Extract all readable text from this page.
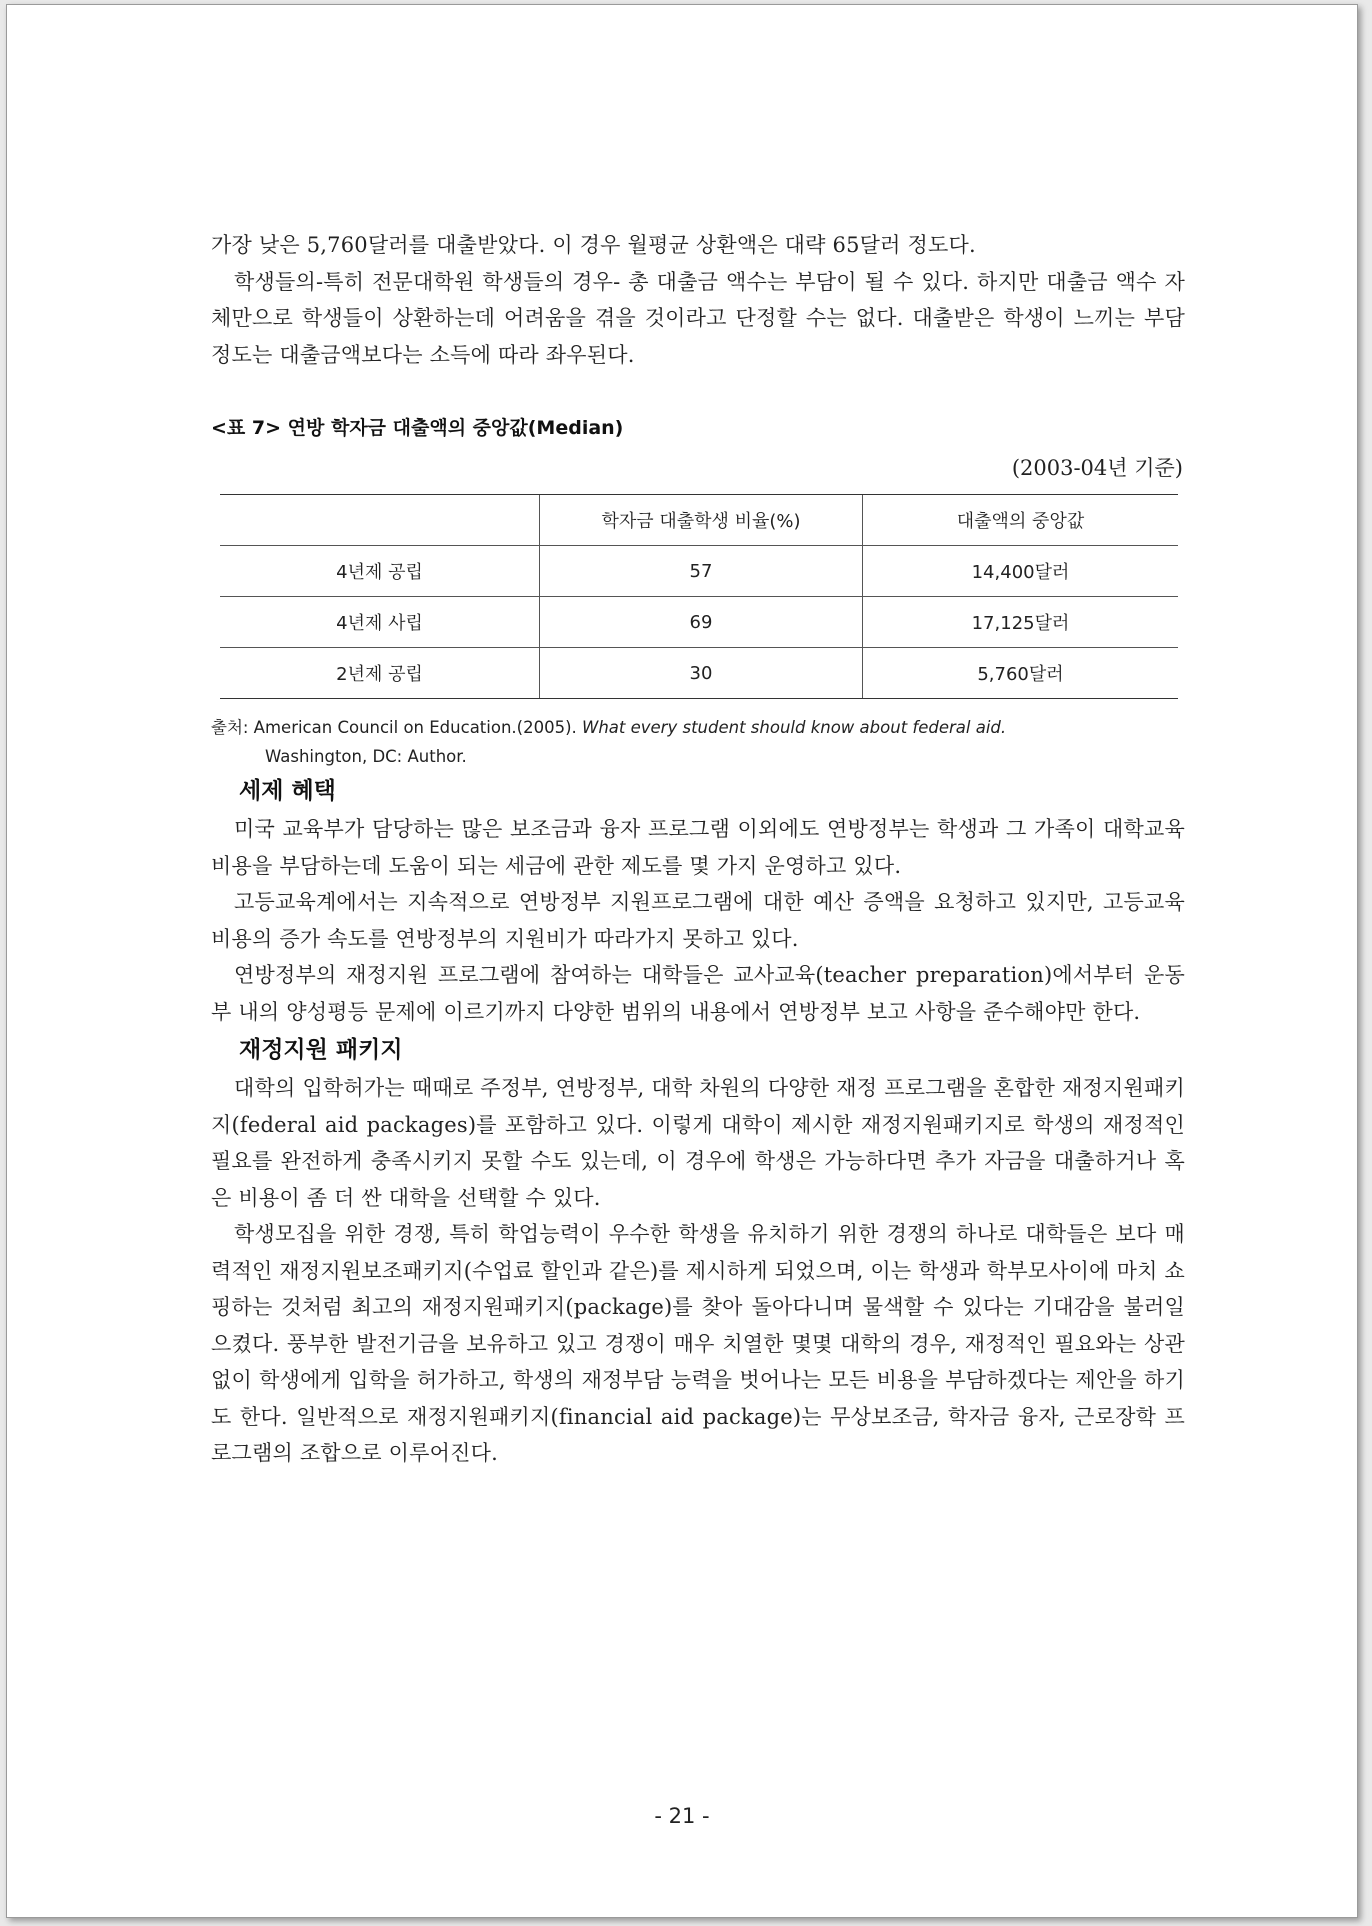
가장 낮은 5,760달러를 대출받았다. 이 경우 월평균 상환액은 대략 65달러 정도다.

학생들의-특히 전문대학원 학생들의 경우- 총 대출금 액수는 부담이 될 수 있다. 하지만 대출금 액수 자체만으로 학생들이 상환하는데 어려움을 겪을 것이라고 단정할 수는 없다. 대출받은 학생이 느끼는 부담 정도는 대출금액보다는 소득에 따라 좌우된다.

<표 7> 연방 학자금 대출액의 중앙값(Median)
(2003-04년 기준)
	학자금 대출학생 비율(%)	대출액의 중앙값
4년제 공립	57	14,400달러
4년제 사립	69	17,125달러
2년제 공립	30	5,760달러
출처: American Council on Education.(2005). What every student should know about federal aid.
Washington, DC: Author.
세제 혜택

미국 교육부가 담당하는 많은 보조금과 융자 프로그램 이외에도 연방정부는 학생과 그 가족이 대학교육 비용을 부담하는데 도움이 되는 세금에 관한 제도를 몇 가지 운영하고 있다.

고등교육계에서는 지속적으로 연방정부 지원프로그램에 대한 예산 증액을 요청하고 있지만, 고등교육 비용의 증가 속도를 연방정부의 지원비가 따라가지 못하고 있다.

연방정부의 재정지원 프로그램에 참여하는 대학들은 교사교육(teacher preparation)에서부터 운동부 내의 양성평등 문제에 이르기까지 다양한 범위의 내용에서 연방정부 보고 사항을 준수해야만 한다.

재정지원 패키지

대학의 입학허가는 때때로 주정부, 연방정부, 대학 차원의 다양한 재정 프로그램을 혼합한 재정지원패키지(federal aid packages)를 포함하고 있다. 이렇게 대학이 제시한 재정지원패키지로 학생의 재정적인 필요를 완전하게 충족시키지 못할 수도 있는데, 이 경우에 학생은 가능하다면 추가 자금을 대출하거나 혹은 비용이 좀 더 싼 대학을 선택할 수 있다.

학생모집을 위한 경쟁, 특히 학업능력이 우수한 학생을 유치하기 위한 경쟁의 하나로 대학들은 보다 매력적인 재정지원보조패키지(수업료 할인과 같은)를 제시하게 되었으며, 이는 학생과 학부모사이에 마치 쇼핑하는 것처럼 최고의 재정지원패키지(package)를 찾아 돌아다니며 물색할 수 있다는 기대감을 불러일으켰다. 풍부한 발전기금을 보유하고 있고 경쟁이 매우 치열한 몇몇 대학의 경우, 재정적인 필요와는 상관없이 학생에게 입학을 허가하고, 학생의 재정부담 능력을 벗어나는 모든 비용을 부담하겠다는 제안을 하기도 한다. 일반적으로 재정지원패키지(financial aid package)는 무상보조금, 학자금 융자, 근로장학 프로그램의 조합으로 이루어진다.

- 21 -
